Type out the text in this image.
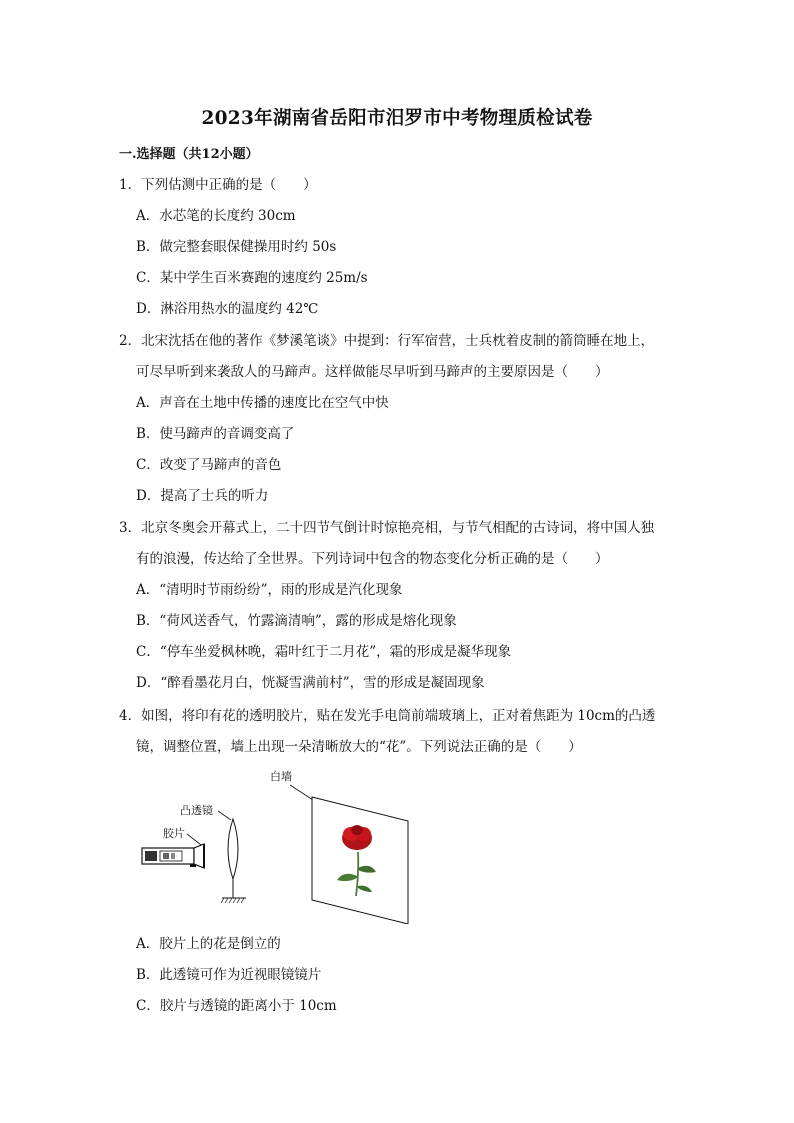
2023年湖南省岳阳市汨罗市中考物理质检试卷
一.选择题（共12小题）
1．下列估测中正确的是（　　）
A．水芯笔的长度约 30cm
B．做完整套眼保健操用时约 50s
C．某中学生百米赛跑的速度约 25m/s
D．淋浴用热水的温度约 42℃
2．北宋沈括在他的著作《梦溪笔谈》中提到：行军宿营，士兵枕着皮制的箭筒睡在地上，
可尽早听到来袭敌人的马蹄声。这样做能尽早听到马蹄声的主要原因是（　　）
A．声音在土地中传播的速度比在空气中快
B．使马蹄声的音调变高了
C．改变了马蹄声的音色
D．提高了士兵的听力
3．北京冬奥会开幕式上，二十四节气倒计时惊艳亮相，与节气相配的古诗词，将中国人独
有的浪漫，传达给了全世界。下列诗词中包含的物态变化分析正确的是（　　）
A．“清明时节雨纷纷”，雨的形成是汽化现象
B．“荷风送香气，竹露滴清响”，露的形成是熔化现象
C．“停车坐爱枫林晚，霜叶红于二月花”，霜的形成是凝华现象
D．“醉看墨花月白，恍凝雪满前村”，雪的形成是凝固现象
4．如图，将印有花的透明胶片，贴在发光手电筒前端玻璃上，正对着焦距为 10cm的凸透
镜，调整位置，墙上出现一朵清晰放大的“花”。下列说法正确的是（　　）
白墙
凸透镜
胶片
A．胶片上的花是倒立的
B．此透镜可作为近视眼镜镜片
C．胶片与透镜的距离小于 10cm
